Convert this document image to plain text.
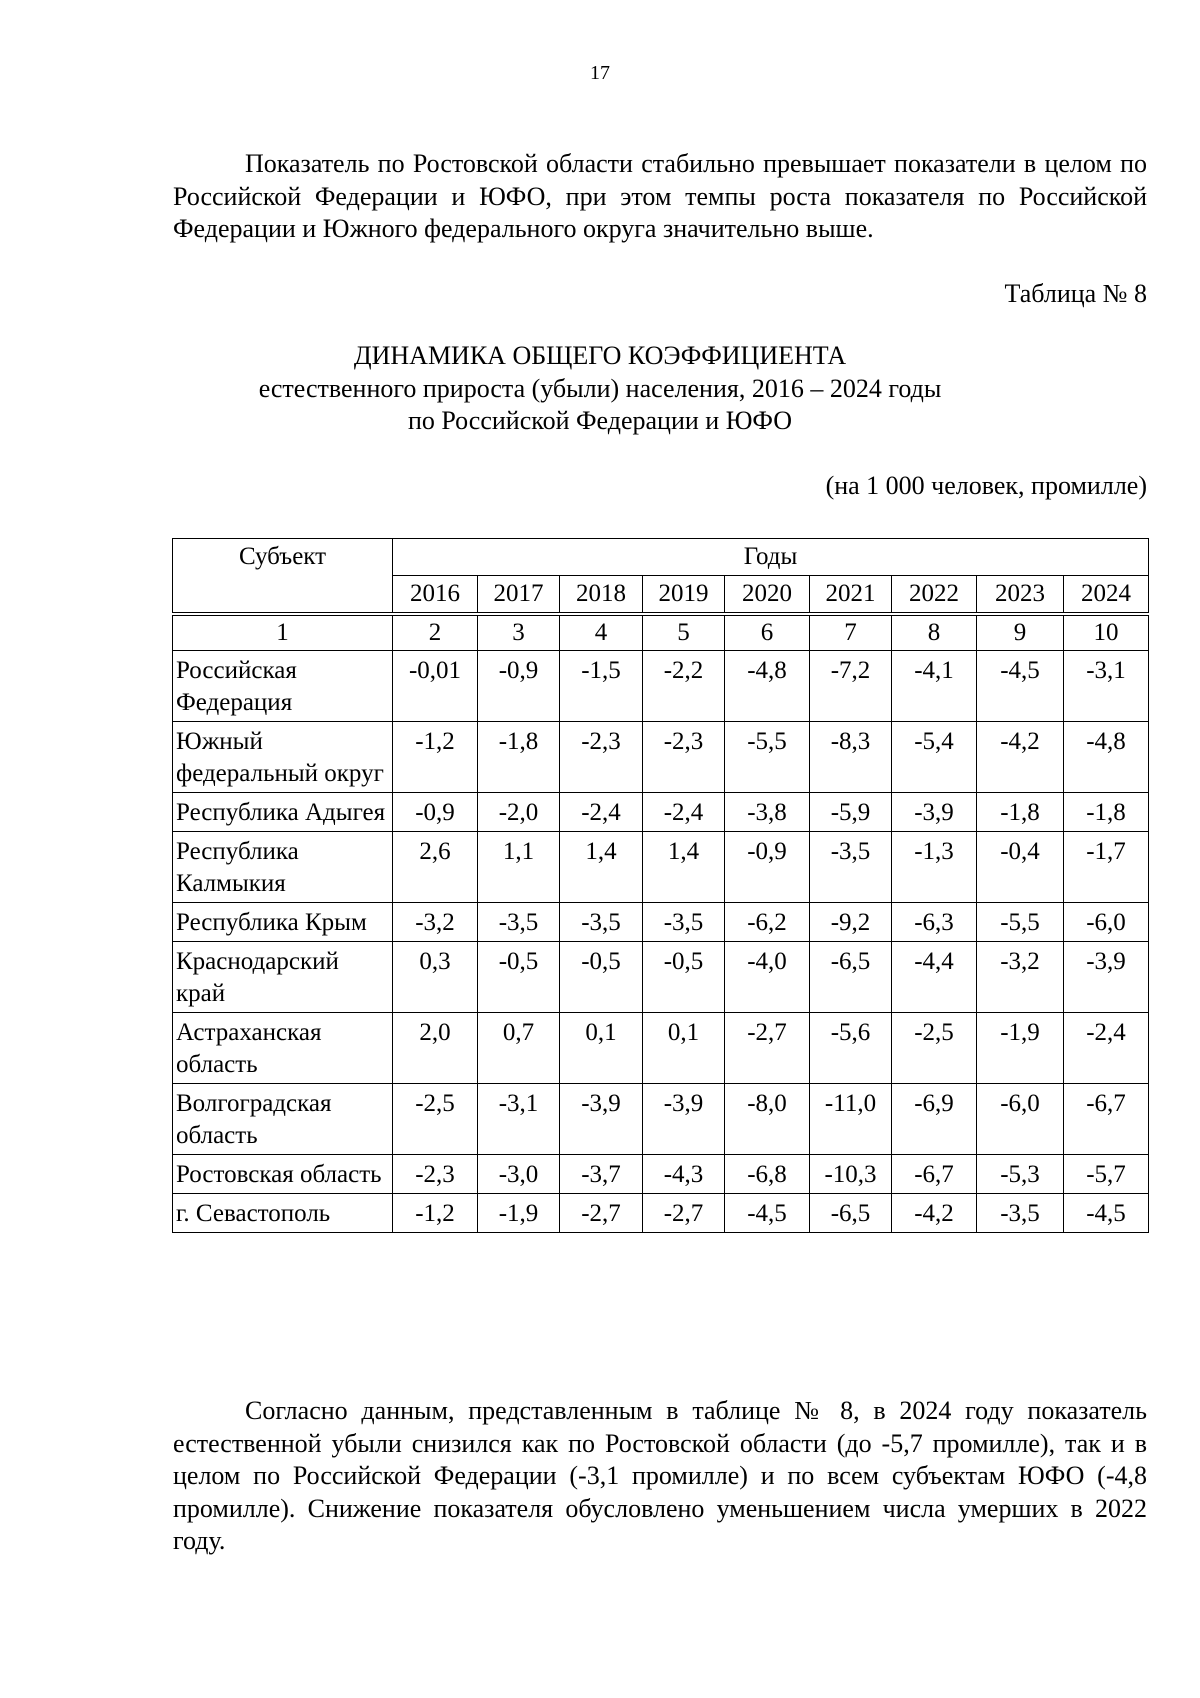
17

Показатель по Ростовской области стабильно превышает показатели в целом по Российской Федерации и ЮФО, при этом темпы роста показателя по Российской Федерации и Южного федерального округа значительно выше.

Таблица № 8
ДИНАМИКА ОБЩЕГО КОЭФФИЦИЕНТА
естественного прироста (убыли) населения, 2016 – 2024 годы
по Российской Федерации и ЮФО
(на 1 000 человек, промилле)
Субъект	Годы								
	2016	2017	2018	2019	2020	2021	2022	2023	2024
1	2	3	4	5	6	7	8	9	10
Российская Федерация	-0,01	-0,9	-1,5	-2,2	-4,8	-7,2	-4,1	-4,5	-3,1
Южный федеральный округ	-1,2	-1,8	-2,3	-2,3	-5,5	-8,3	-5,4	-4,2	-4,8
Республика Адыгея	-0,9	-2,0	-2,4	-2,4	-3,8	-5,9	-3,9	-1,8	-1,8
Республика Калмыкия	2,6	1,1	1,4	1,4	-0,9	-3,5	-1,3	-0,4	-1,7
Республика Крым	-3,2	-3,5	-3,5	-3,5	-6,2	-9,2	-6,3	-5,5	-6,0
Краснодарский край	0,3	-0,5	-0,5	-0,5	-4,0	-6,5	-4,4	-3,2	-3,9
Астраханская область	2,0	0,7	0,1	0,1	-2,7	-5,6	-2,5	-1,9	-2,4
Волгоградская область	-2,5	-3,1	-3,9	-3,9	-8,0	-11,0	-6,9	-6,0	-6,7
Ростовская область	-2,3	-3,0	-3,7	-4,3	-6,8	-10,3	-6,7	-5,3	-5,7
г. Севастополь	-1,2	-1,9	-2,7	-2,7	-4,5	-6,5	-4,2	-3,5	-4,5

Согласно данным, представленным в таблице № 8, в 2024 году показатель естественной убыли снизился как по Ростовской области (до -5,7 промилле), так и в целом по Российской Федерации (-3,1 промилле) и по всем субъектам ЮФО (-4,8 промилле). Снижение показателя обусловлено уменьшением числа умерших в 2022 году.
